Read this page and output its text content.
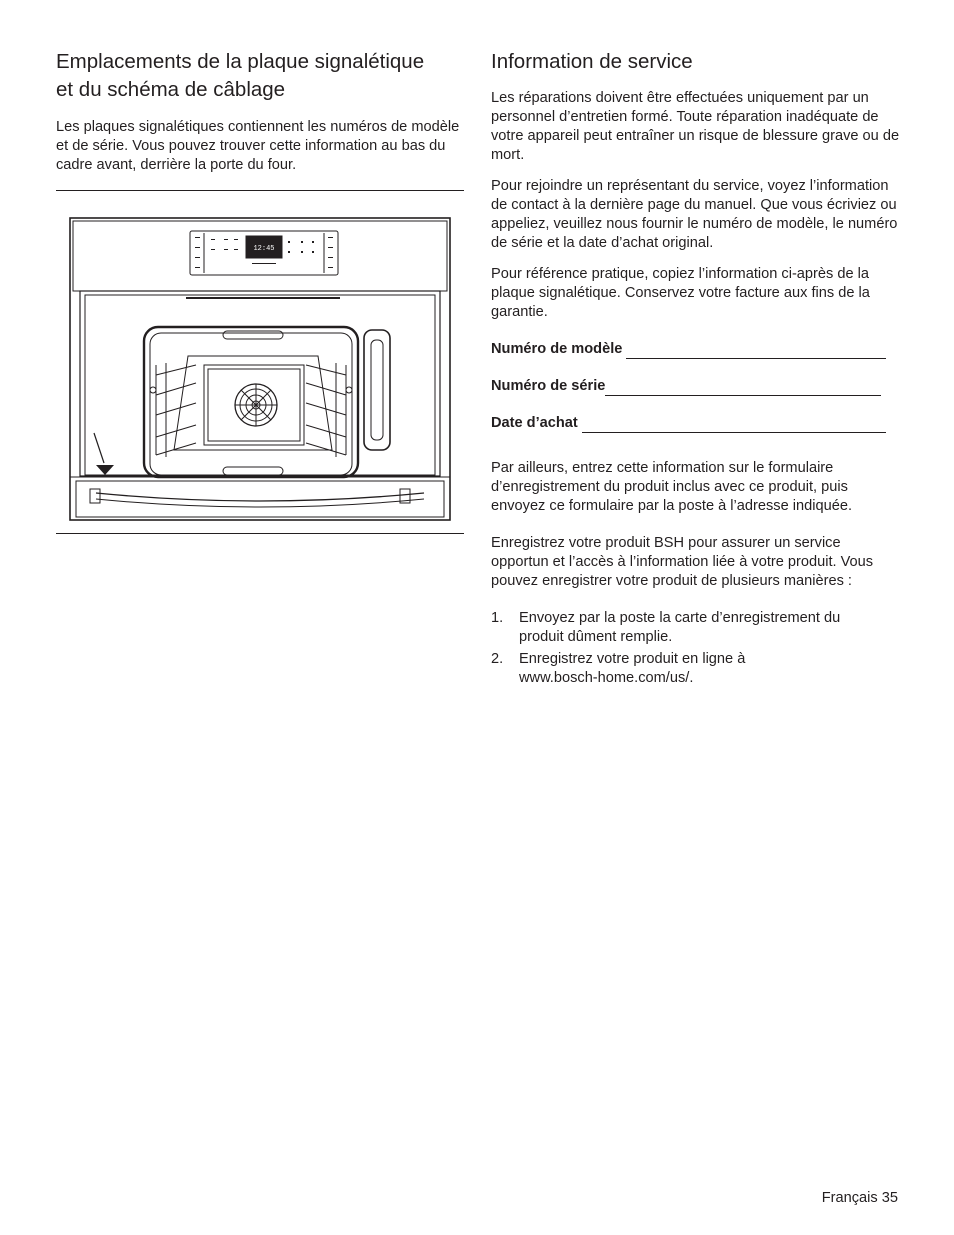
Emplacements de la plaque signalétique
et du schéma de câblage

Les plaques signalétiques contiennent les numéros de modèle et de série. Vous pouvez trouver cette information au bas du cadre avant, derrière la porte du four.

12:45
Information de service

Les réparations doivent être effectuées uniquement par un personnel d’entretien formé. Toute réparation inadéquate de votre appareil peut entraîner un risque de blessure grave ou de mort.

Pour rejoindre un représentant du service, voyez l’information de contact à la dernière page du manuel. Que vous écriviez ou appeliez, veuillez nous fournir le numéro de modèle, le numéro de série et la date d’achat original.

Pour référence pratique, copiez l’information ci-après de la plaque signalétique. Conservez votre facture aux fins de la garantie.

Numéro de modèle
Numéro de série
Date d’achat

Par ailleurs, entrez cette information sur le formulaire d’enregistrement du produit inclus avec ce produit, puis envoyez ce formulaire par la poste à l’adresse indiquée.

Enregistrez votre produit BSH pour assurer un service opportun et l’accès à l’information liée à votre produit. Vous pouvez enregistrer votre produit de plusieurs manières :

1.	Envoyez par la poste la carte d’enregistrement du
produit dûment remplie.
2.	Enregistrez votre produit en ligne à
www.bosch-home.com/us/.
Français 35
